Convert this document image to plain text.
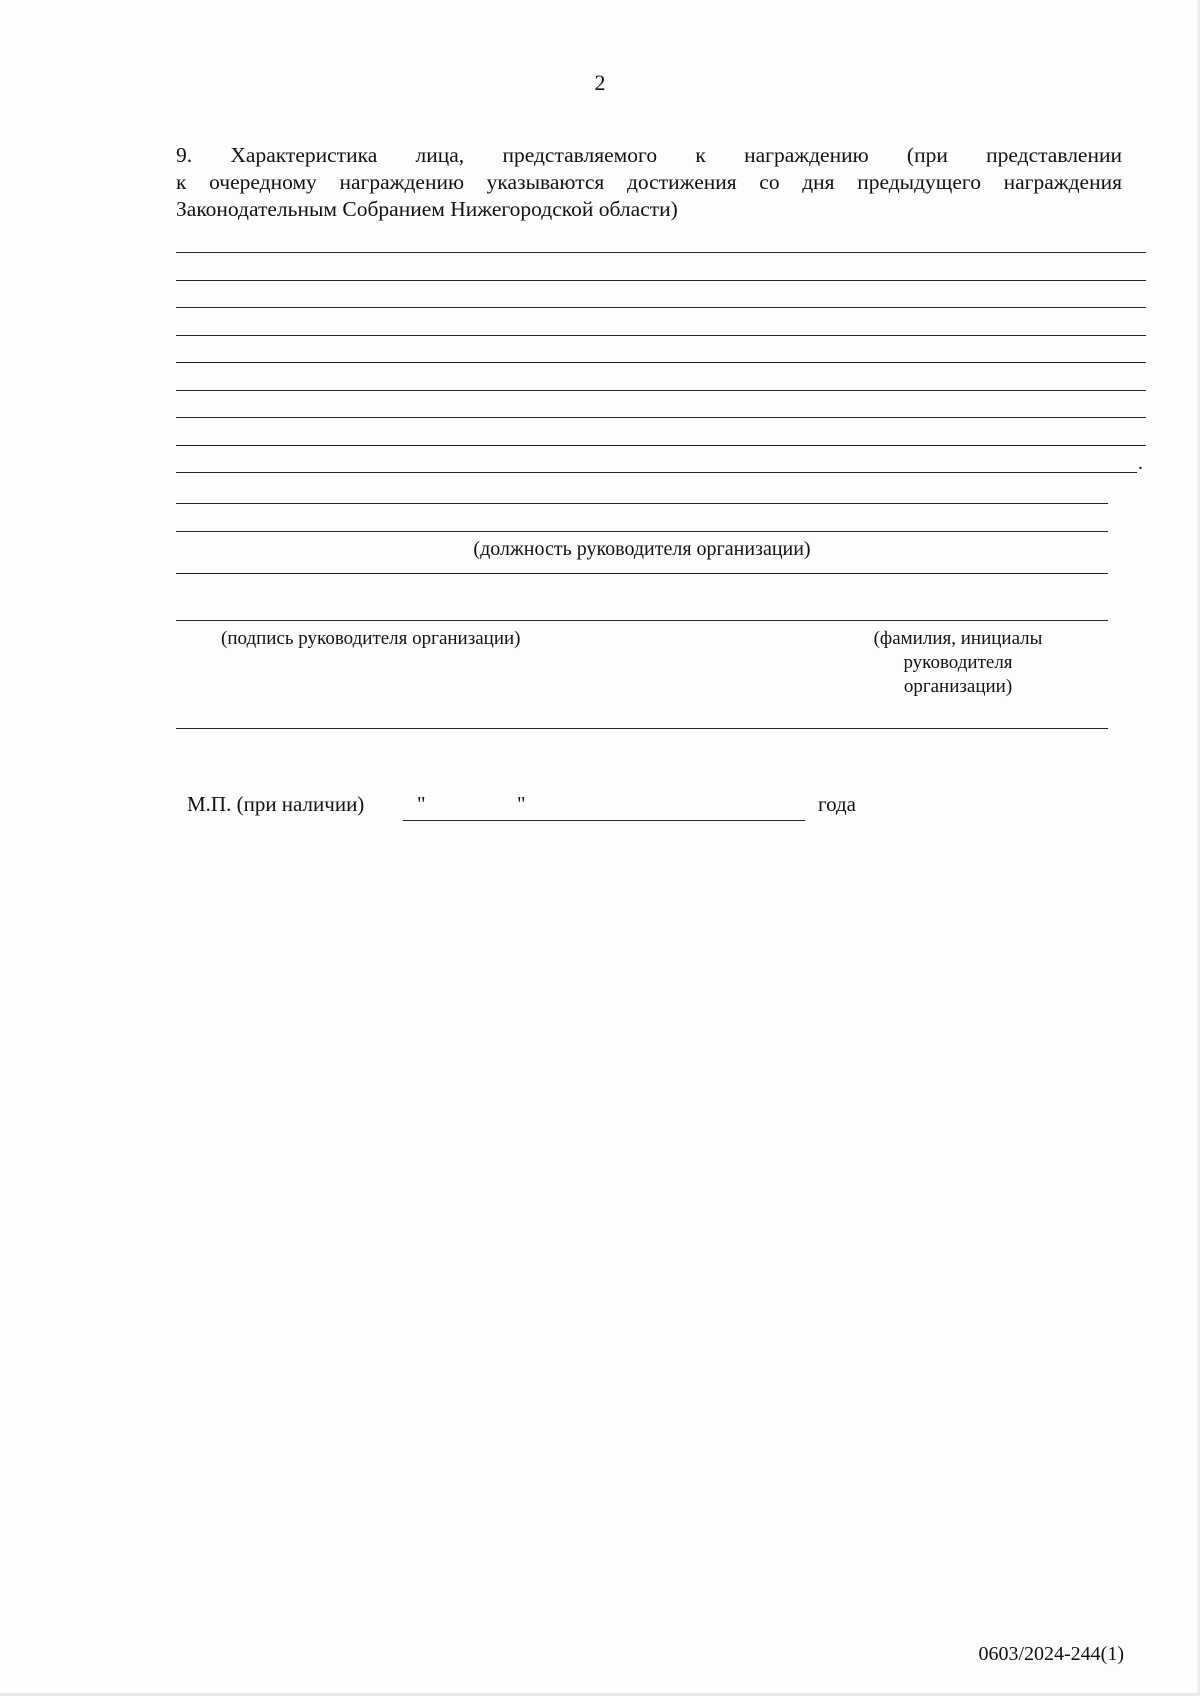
2
9. Характеристика лица, представляемого к награждению (при представлении
к очередному награждению указываются достижения со дня предыдущего награждения
Законодательным Собранием Нижегородской области)
.
(должность руководителя организации)
(подпись руководителя организации)	(фамилия, инициалы
руководителя
организации)
М.П. (при наличии)	"	"	года
0603/2024-244(1)
